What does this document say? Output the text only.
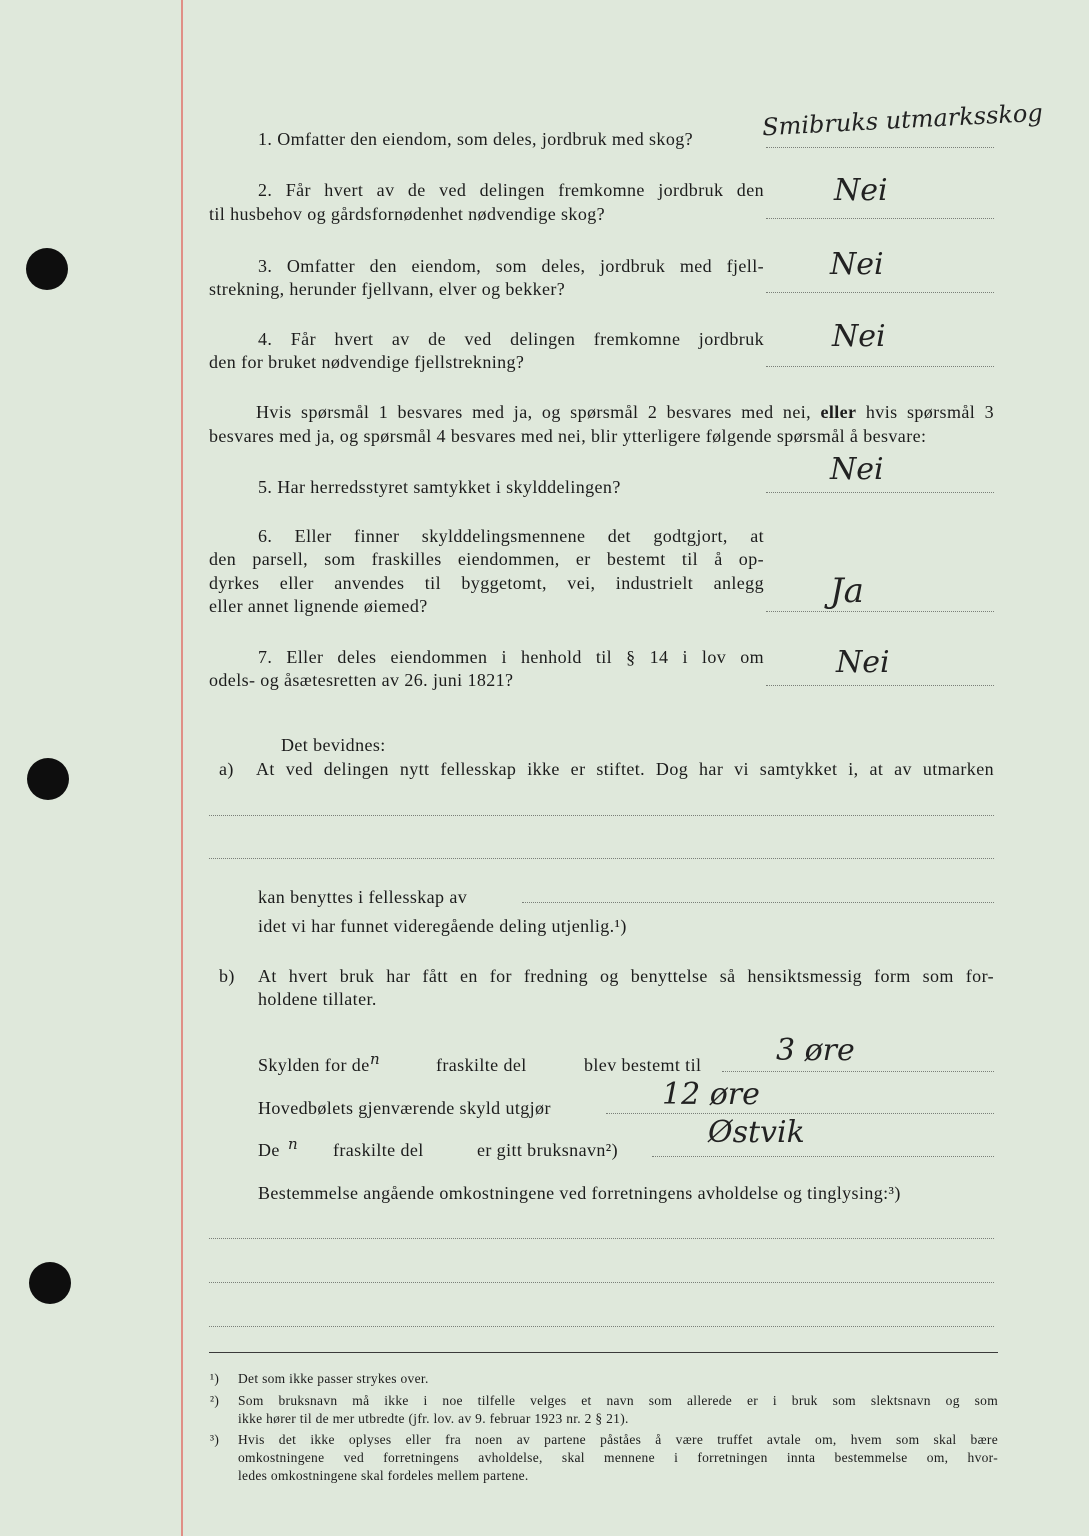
1. Omfatter den eiendom, som deles, jordbruk med skog?	Smibruks utmarksskog
2. Får hvert av de ved delingen fremkomne jordbruk den
til husbehov og gårdsfornødenhet nødvendige skog?
Nei
3. Omfatter den eiendom, som deles, jordbruk med fjell-
strekning, herunder fjellvann, elver og bekker?
Nei
4. Får hvert av de ved delingen fremkomne jordbruk
den for bruket nødvendige fjellstrekning?
Nei
Hvis spørsmål 1 besvares med ja, og spørsmål 2 besvares med nei, eller hvis spørsmål 3
besvares med ja, og spørsmål 4 besvares med nei, blir ytterligere følgende spørsmål å besvare:
5. Har herredsstyret samtykket i skylddelingen?	Nei
6. Eller finner skylddelingsmennene det godtgjort, at
den parsell, som fraskilles eiendommen, er bestemt til å op-
dyrkes eller anvendes til byggetomt, vei, industrielt anlegg
eller annet lignende øiemed?	Ja
7. Eller deles eiendommen i henhold til § 14 i lov om
odels- og åsætesretten av 26. juni 1821?	Nei
Det bevidnes:
a) At ved delingen nytt fellesskap ikke er stiftet. Dog har vi samtykket i, at av utmarken
kan benyttes i fellesskap av
idet vi har funnet videregående deling utjenlig.¹)
b) At hvert bruk har fått en for fredning og benyttelse så hensiktsmessig form som for-
holdene tillater.
Skylden for de n	fraskilte del	blev bestemt til 3 øre
Hovedbølets gjenværende skyld utgjør	12 øre
De n fraskilte del	er gitt bruksnavn²)	Østvik
Bestemmelse angående omkostningene ved forretningens avholdelse og tinglysing:³)
¹) Det som ikke passer strykes over.
²) Som bruksnavn må ikke i noe tilfelle velges et navn som allerede er i bruk som slektsnavn og som
ikke hører til de mer utbredte (jfr. lov. av 9. februar 1923 nr. 2 § 21).
³) Hvis det ikke oplyses eller fra noen av partene påståes å være truffet avtale om, hvem som skal bære
omkostningene ved forretningens avholdelse, skal mennene i forretningen innta bestemmelse om, hvor-
ledes omkostningene skal fordeles mellem partene.
